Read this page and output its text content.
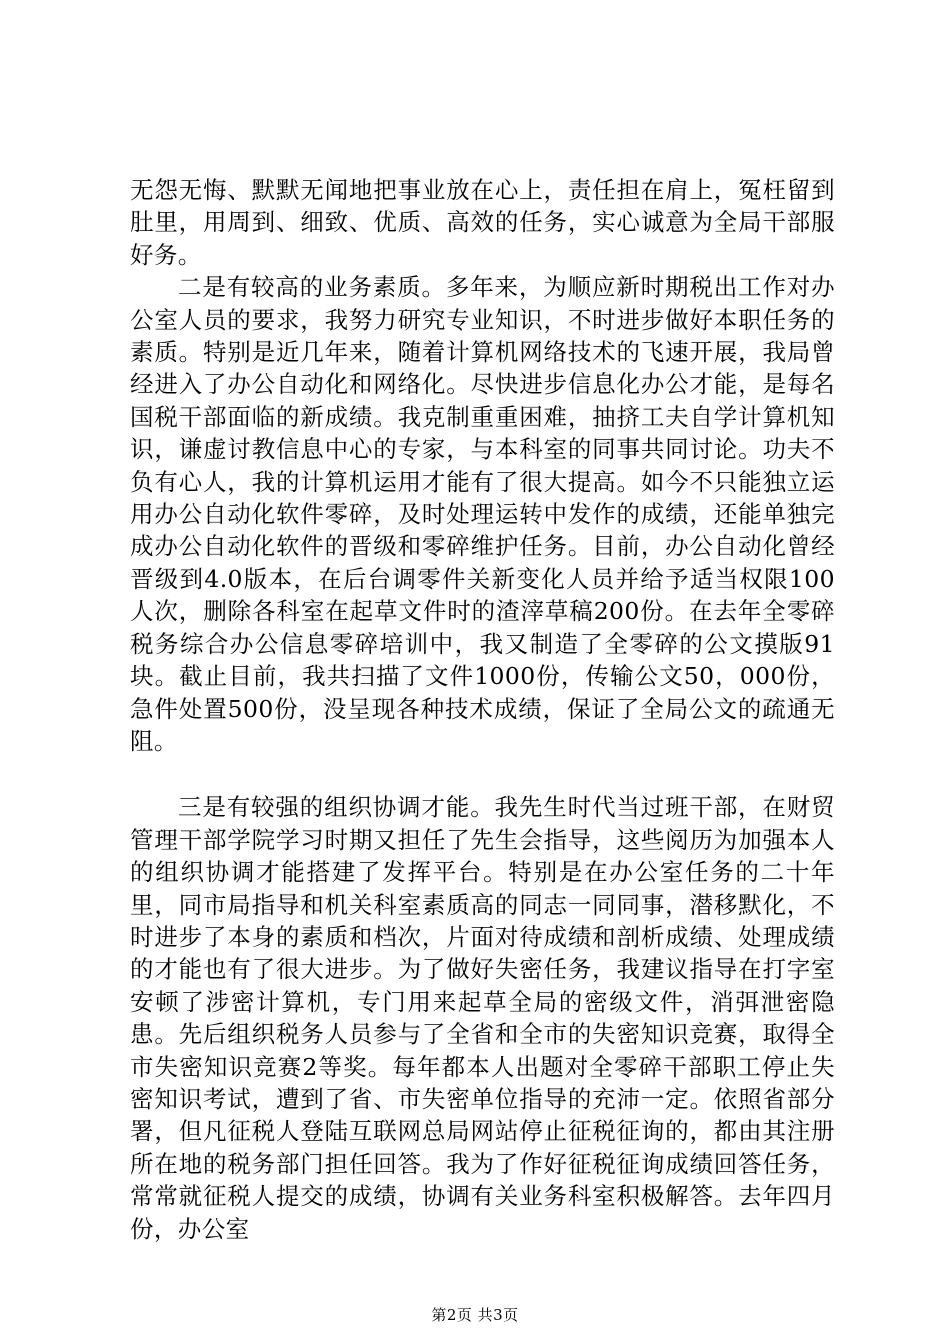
无怨无悔、默默无闻地把事业放在心上，责任担在肩上，冤枉留到肚里，用周到、细致、优质、高效的任务，实心诚意为全局干部服好务。

二是有较高的业务素质。多年来，为顺应新时期税出工作对办公室人员的要求，我努力研究专业知识，不时进步做好本职任务的素质。特别是近几年来，随着计算机网络技术的飞速开展，我局曾经进入了办公自动化和网络化。尽快进步信息化办公才能，是每名国税干部面临的新成绩。我克制重重困难，抽挤工夫自学计算机知识，谦虚讨教信息中心的专家，与本科室的同事共同讨论。功夫不负有心人，我的计算机运用才能有了很大提高。如今不只能独立运用办公自动化软件零碎，及时处理运转中发作的成绩，还能单独完成办公自动化软件的晋级和零碎维护任务。目前，办公自动化曾经晋级到4.0版本，在后台调零件关新变化人员并给予适当权限100人次，删除各科室在起草文件时的渣滓草稿200份。在去年全零碎税务综合办公信息零碎培训中，我又制造了全零碎的公文摸版91块。截止目前，我共扫描了文件1000份，传输公文50，000份，急件处置500份，没呈现各种技术成绩，保证了全局公文的疏通无阻。

三是有较强的组织协调才能。我先生时代当过班干部，在财贸管理干部学院学习时期又担任了先生会指导，这些阅历为加强本人的组织协调才能搭建了发挥平台。特别是在办公室任务的二十年里，同市局指导和机关科室素质高的同志一同同事，潜移默化，不时进步了本身的素质和档次，片面对待成绩和剖析成绩、处理成绩的才能也有了很大进步。为了做好失密任务，我建议指导在打字室安顿了涉密计算机，专门用来起草全局的密级文件，消弭泄密隐患。先后组织税务人员参与了全省和全市的失密知识竞赛，取得全市失密知识竞赛2等奖。每年都本人出题对全零碎干部职工停止失密知识考试，遭到了省、市失密单位指导的充沛一定。依照省部分署，但凡征税人登陆互联网总局网站停止征税征询的，都由其注册所在地的税务部门担任回答。我为了作好征税征询成绩回答任务，常常就征税人提交的成绩，协调有关业务科室积极解答。去年四月份，办公室

第2页 共3页
